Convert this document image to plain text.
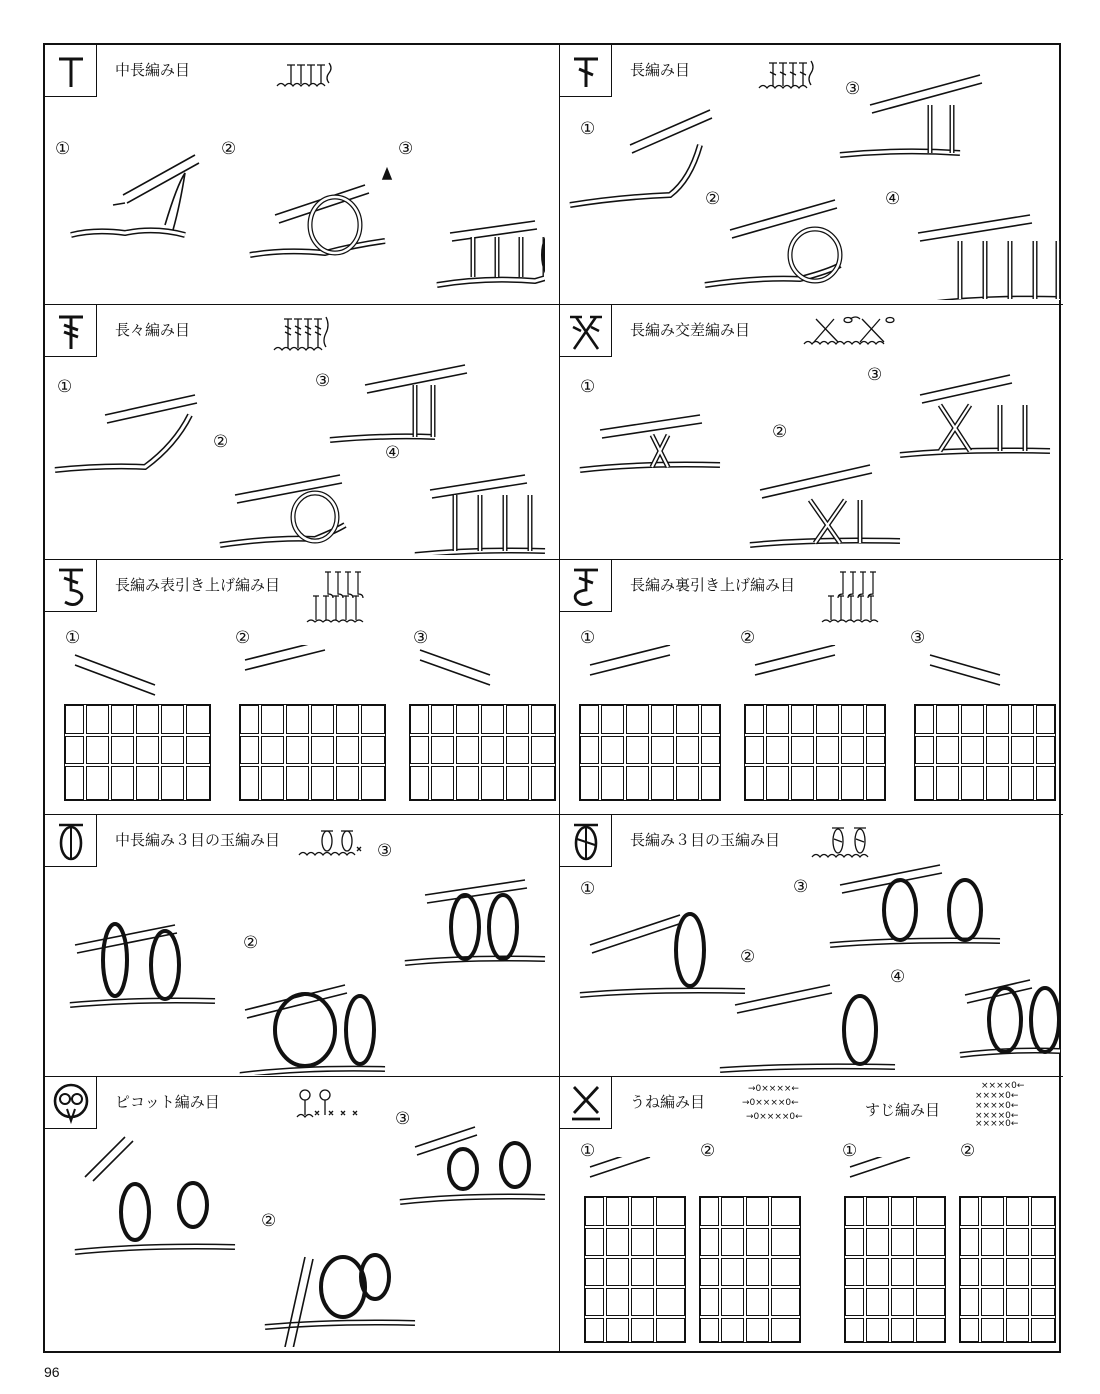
中長編み目
①	②	③
長編み目
①
③
②	④
長々編み目
①	③
②
④
長編み交差編み目
①
②
③
長編み表引き上げ編み目
①	②	③
長編み裏引き上げ編み目
①	②	③
中長編み３目の玉編み目
③
②
長編み３目の玉編み目
①	③
②
④
ピコット編み目
③
②
うね編み目
→0××××←
→0××××0←
→0××××0←	すじ編み目
××××0←
××××0←
××××0←
××××0←
××××0←
①	②	①	②
96
